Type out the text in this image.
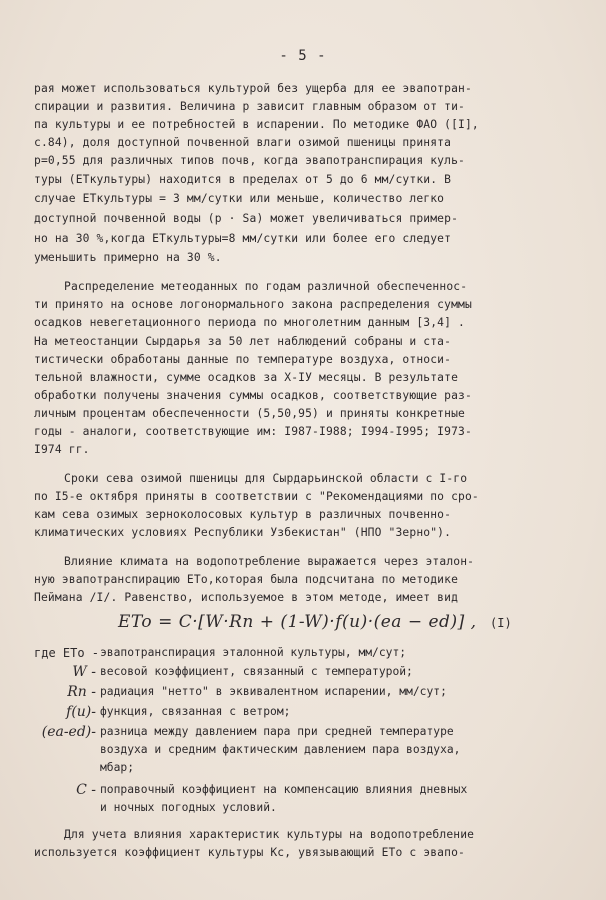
- 5 -
рая может использоваться культурой без ущерба для ее эвапотран-
спирации и развития. Величина р зависит главным образом от ти-
па культуры и ее потребностей в испарении. По методике ФАО ([I],
с.84), доля доступной почвенной влаги озимой пшеницы принята
р=0,55 для различных типов почв, когда эвапотранспирация куль-
туры (ЕТкультуры) находится в пределах от 5 до 6 мм/сутки. В
случае ЕТкультуры = 3 мм/сутки или меньше, количество легко
доступной почвенной воды (р · Sa) может увеличиваться пример-
но на 30 %,когда ЕТкультуры=8 мм/сутки или более его следует
уменьшить примерно на 30 %.
Распределение метеоданных по годам различной обеспеченнос-
ти принято на основе логонормального закона распределения суммы
осадков невегетационного периода по многолетним данным [3,4] .
На метеостанции Сырдарья за 50 лет наблюдений собраны и ста-
тистически обработаны данные по температуре воздуха, относи-
тельной влажности, сумме осадков за Х-IУ месяцы. В результате
обработки получены значения суммы осадков, соответствующие раз-
личным процентам обеспеченности (5,50,95) и приняты конкретные
годы - аналоги, соответствующие им: I987-I988; I994-I995; I973-
I974 гг.
Сроки сева озимой пшеницы для Сырдарьинской области с I-го
по I5-е октября приняты в соответствии с "Рекомендациями по сро-
кам сева озимых зерноколосовых культур в различных почвенно-
климатических условиях Республики Узбекистан" (НПО "Зерно").
Влияние климата на водопотребление выражается через эталон-
ную эвапотранспирацию ЕТо,которая была подсчитана по методике
Пеймана /I/. Равенство, используемое в этом методе, имеет вид
ETo = C·[W·Rn + (1-W)·f(u)·(ea − ed)] , (I)
где ETo - эвапотранспирация эталонной культуры, мм/сут;
W - весовой коэффициент, связанный с температурой;
Rn - радиация "нетто" в эквивалентном испарении, мм/сут;
f(u)- функция, связанная с ветром;
(ea-ed)- разница между давлением пара при средней температуре
воздуха и средним фактическим давлением пара воздуха,
мбар;
C - поправочный коэффициент на компенсацию влияния дневных
и ночных погодных условий.
Для учета влияния характеристик культуры на водопотребление
используется коэффициент культуры Kc, увязывающий ЕТо с эвапо-
